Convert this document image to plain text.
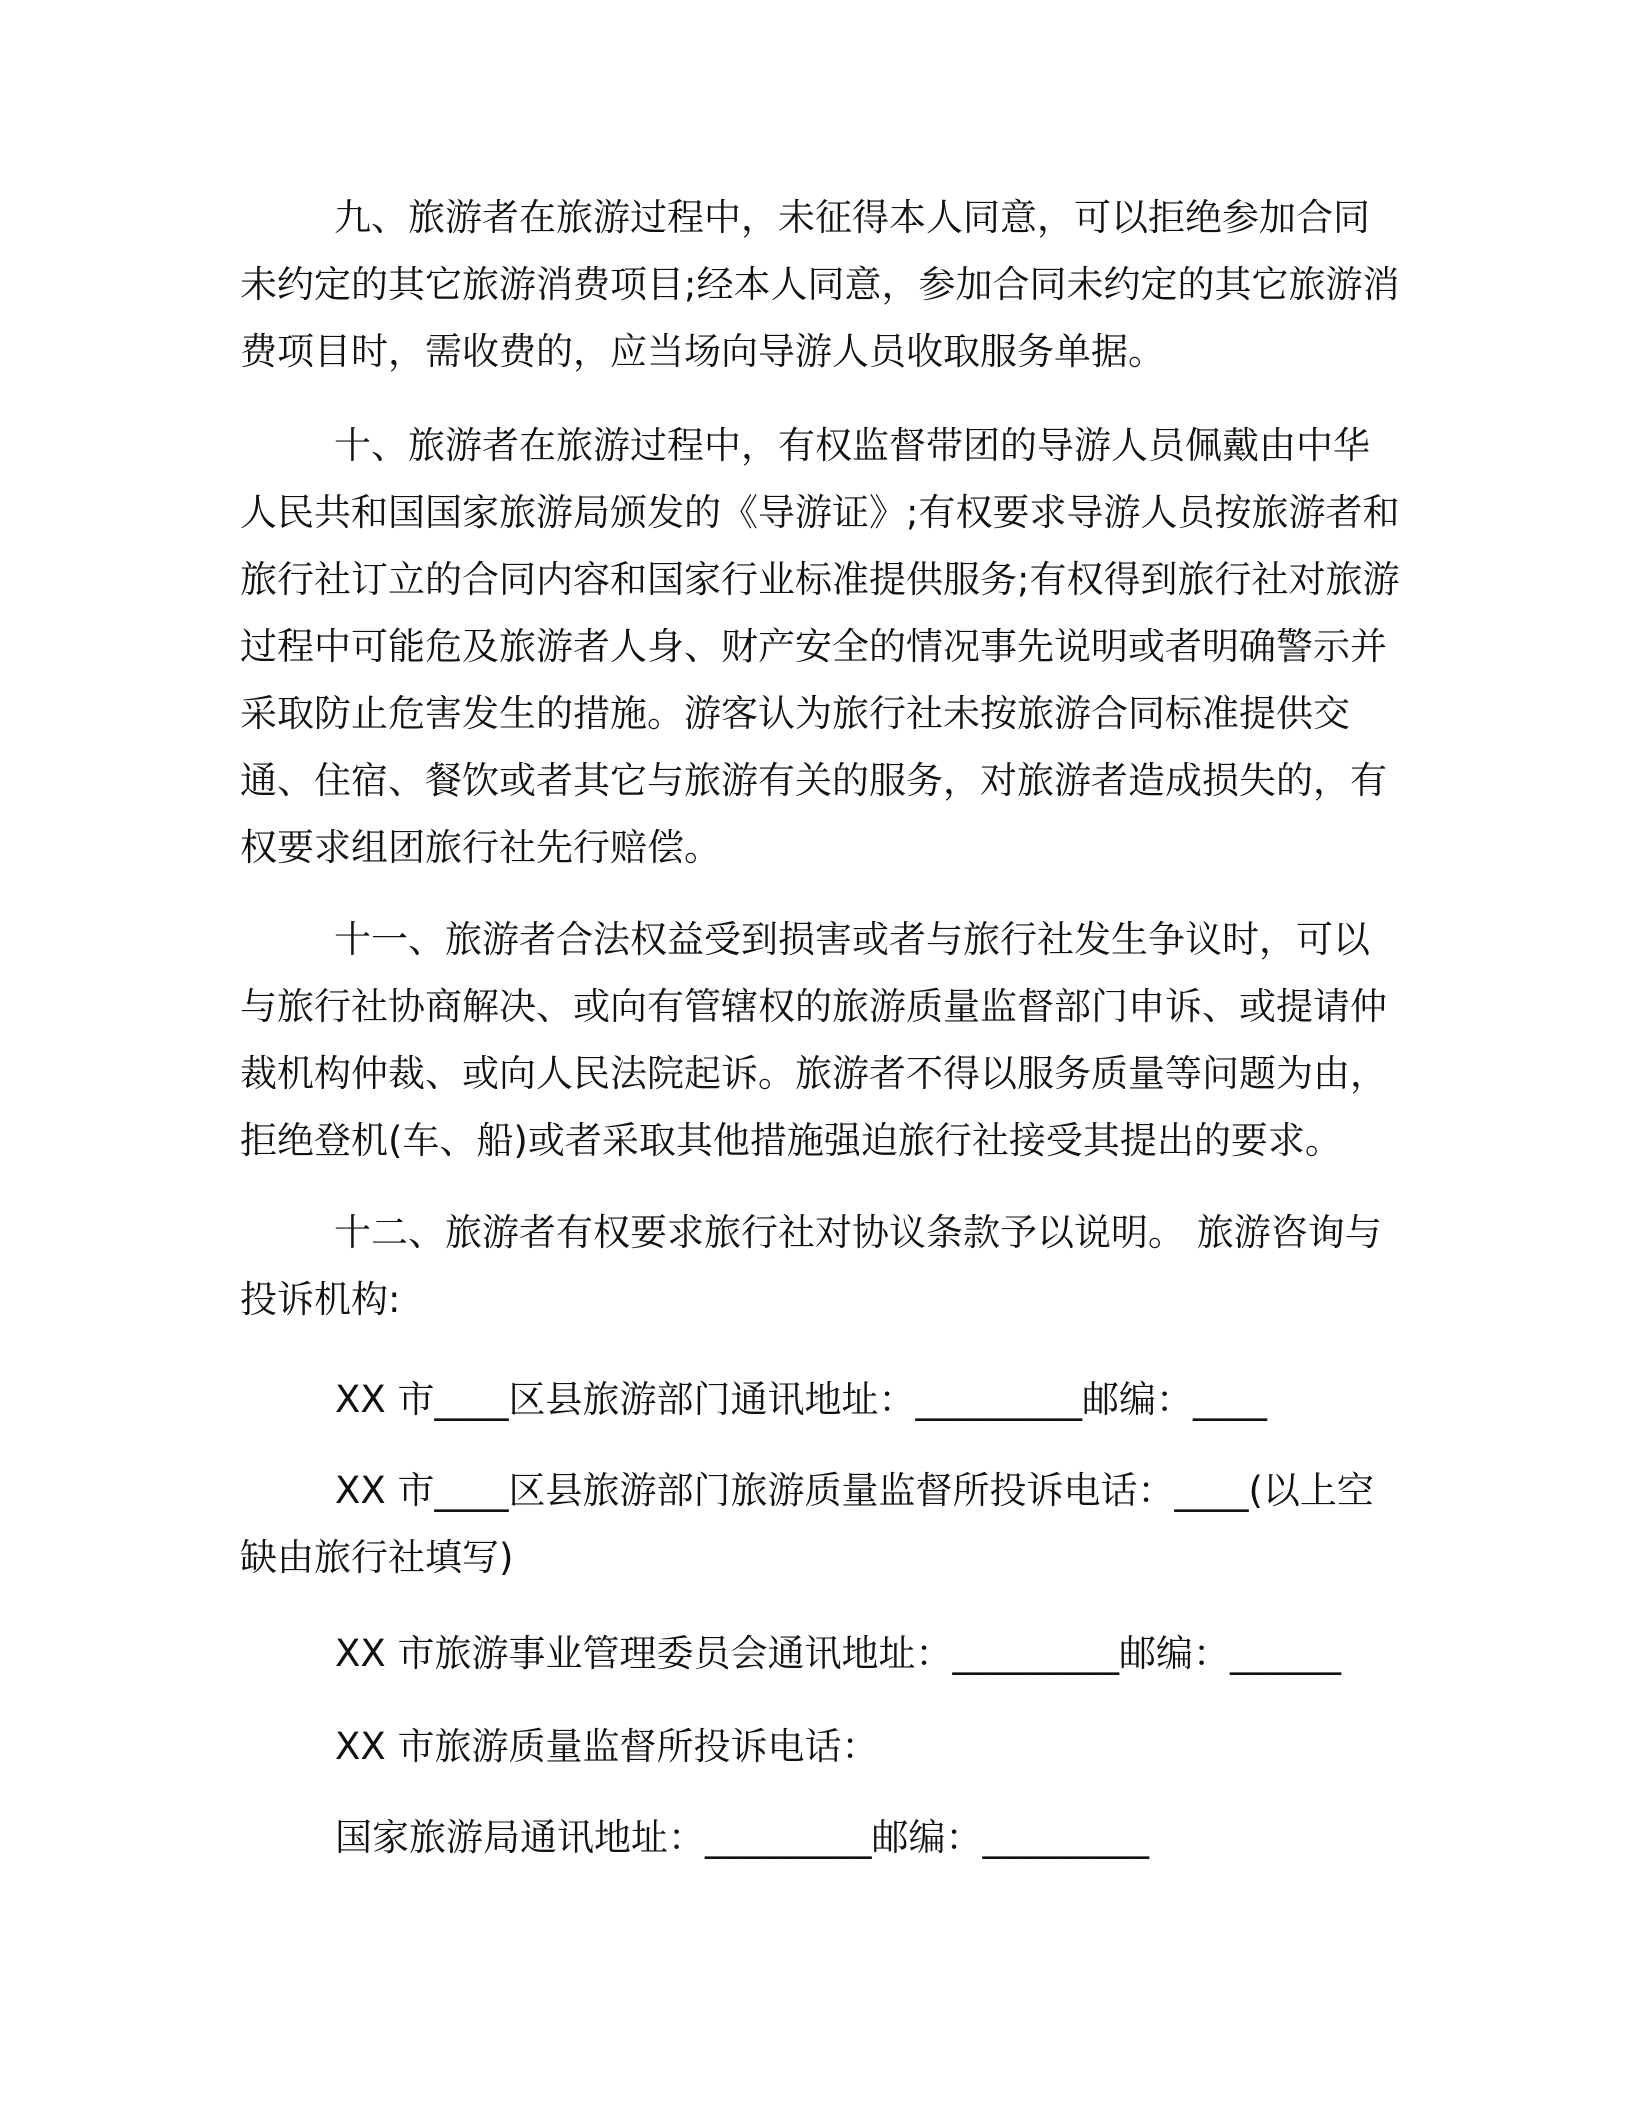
九、旅游者在旅游过程中，未征得本人同意，可以拒绝参加合同未约定的其它旅游消费项目;经本人同意，参加合同未约定的其它旅游消费项目时，需收费的，应当场向导游人员收取服务单据。

十、旅游者在旅游过程中，有权监督带团的导游人员佩戴由中华人民共和国国家旅游局颁发的《导游证》;有权要求导游人员按旅游者和旅行社订立的合同内容和国家行业标准提供服务;有权得到旅行社对旅游过程中可能危及旅游者人身、财产安全的情况事先说明或者明确警示并采取防止危害发生的措施。游客认为旅行社未按旅游合同标准提供交通、住宿、餐饮或者其它与旅游有关的服务，对旅游者造成损失的，有权要求组团旅行社先行赔偿。

十一、旅游者合法权益受到损害或者与旅行社发生争议时，可以与旅行社协商解决、或向有管辖权的旅游质量监督部门申诉、或提请仲裁机构仲裁、或向人民法院起诉。旅游者不得以服务质量等问题为由，拒绝登机(车、船)或者采取其他措施强迫旅行社接受其提出的要求。

十二、旅游者有权要求旅行社对协议条款予以说明。 旅游咨询与投诉机构:

XX 市____区县旅游部门通讯地址：_________邮编：____

XX 市____区县旅游部门旅游质量监督所投诉电话：____(以上空缺由旅行社填写)

XX 市旅游事业管理委员会通讯地址：_________邮编：______

XX 市旅游质量监督所投诉电话：

国家旅游局通讯地址：_________邮编：_________
